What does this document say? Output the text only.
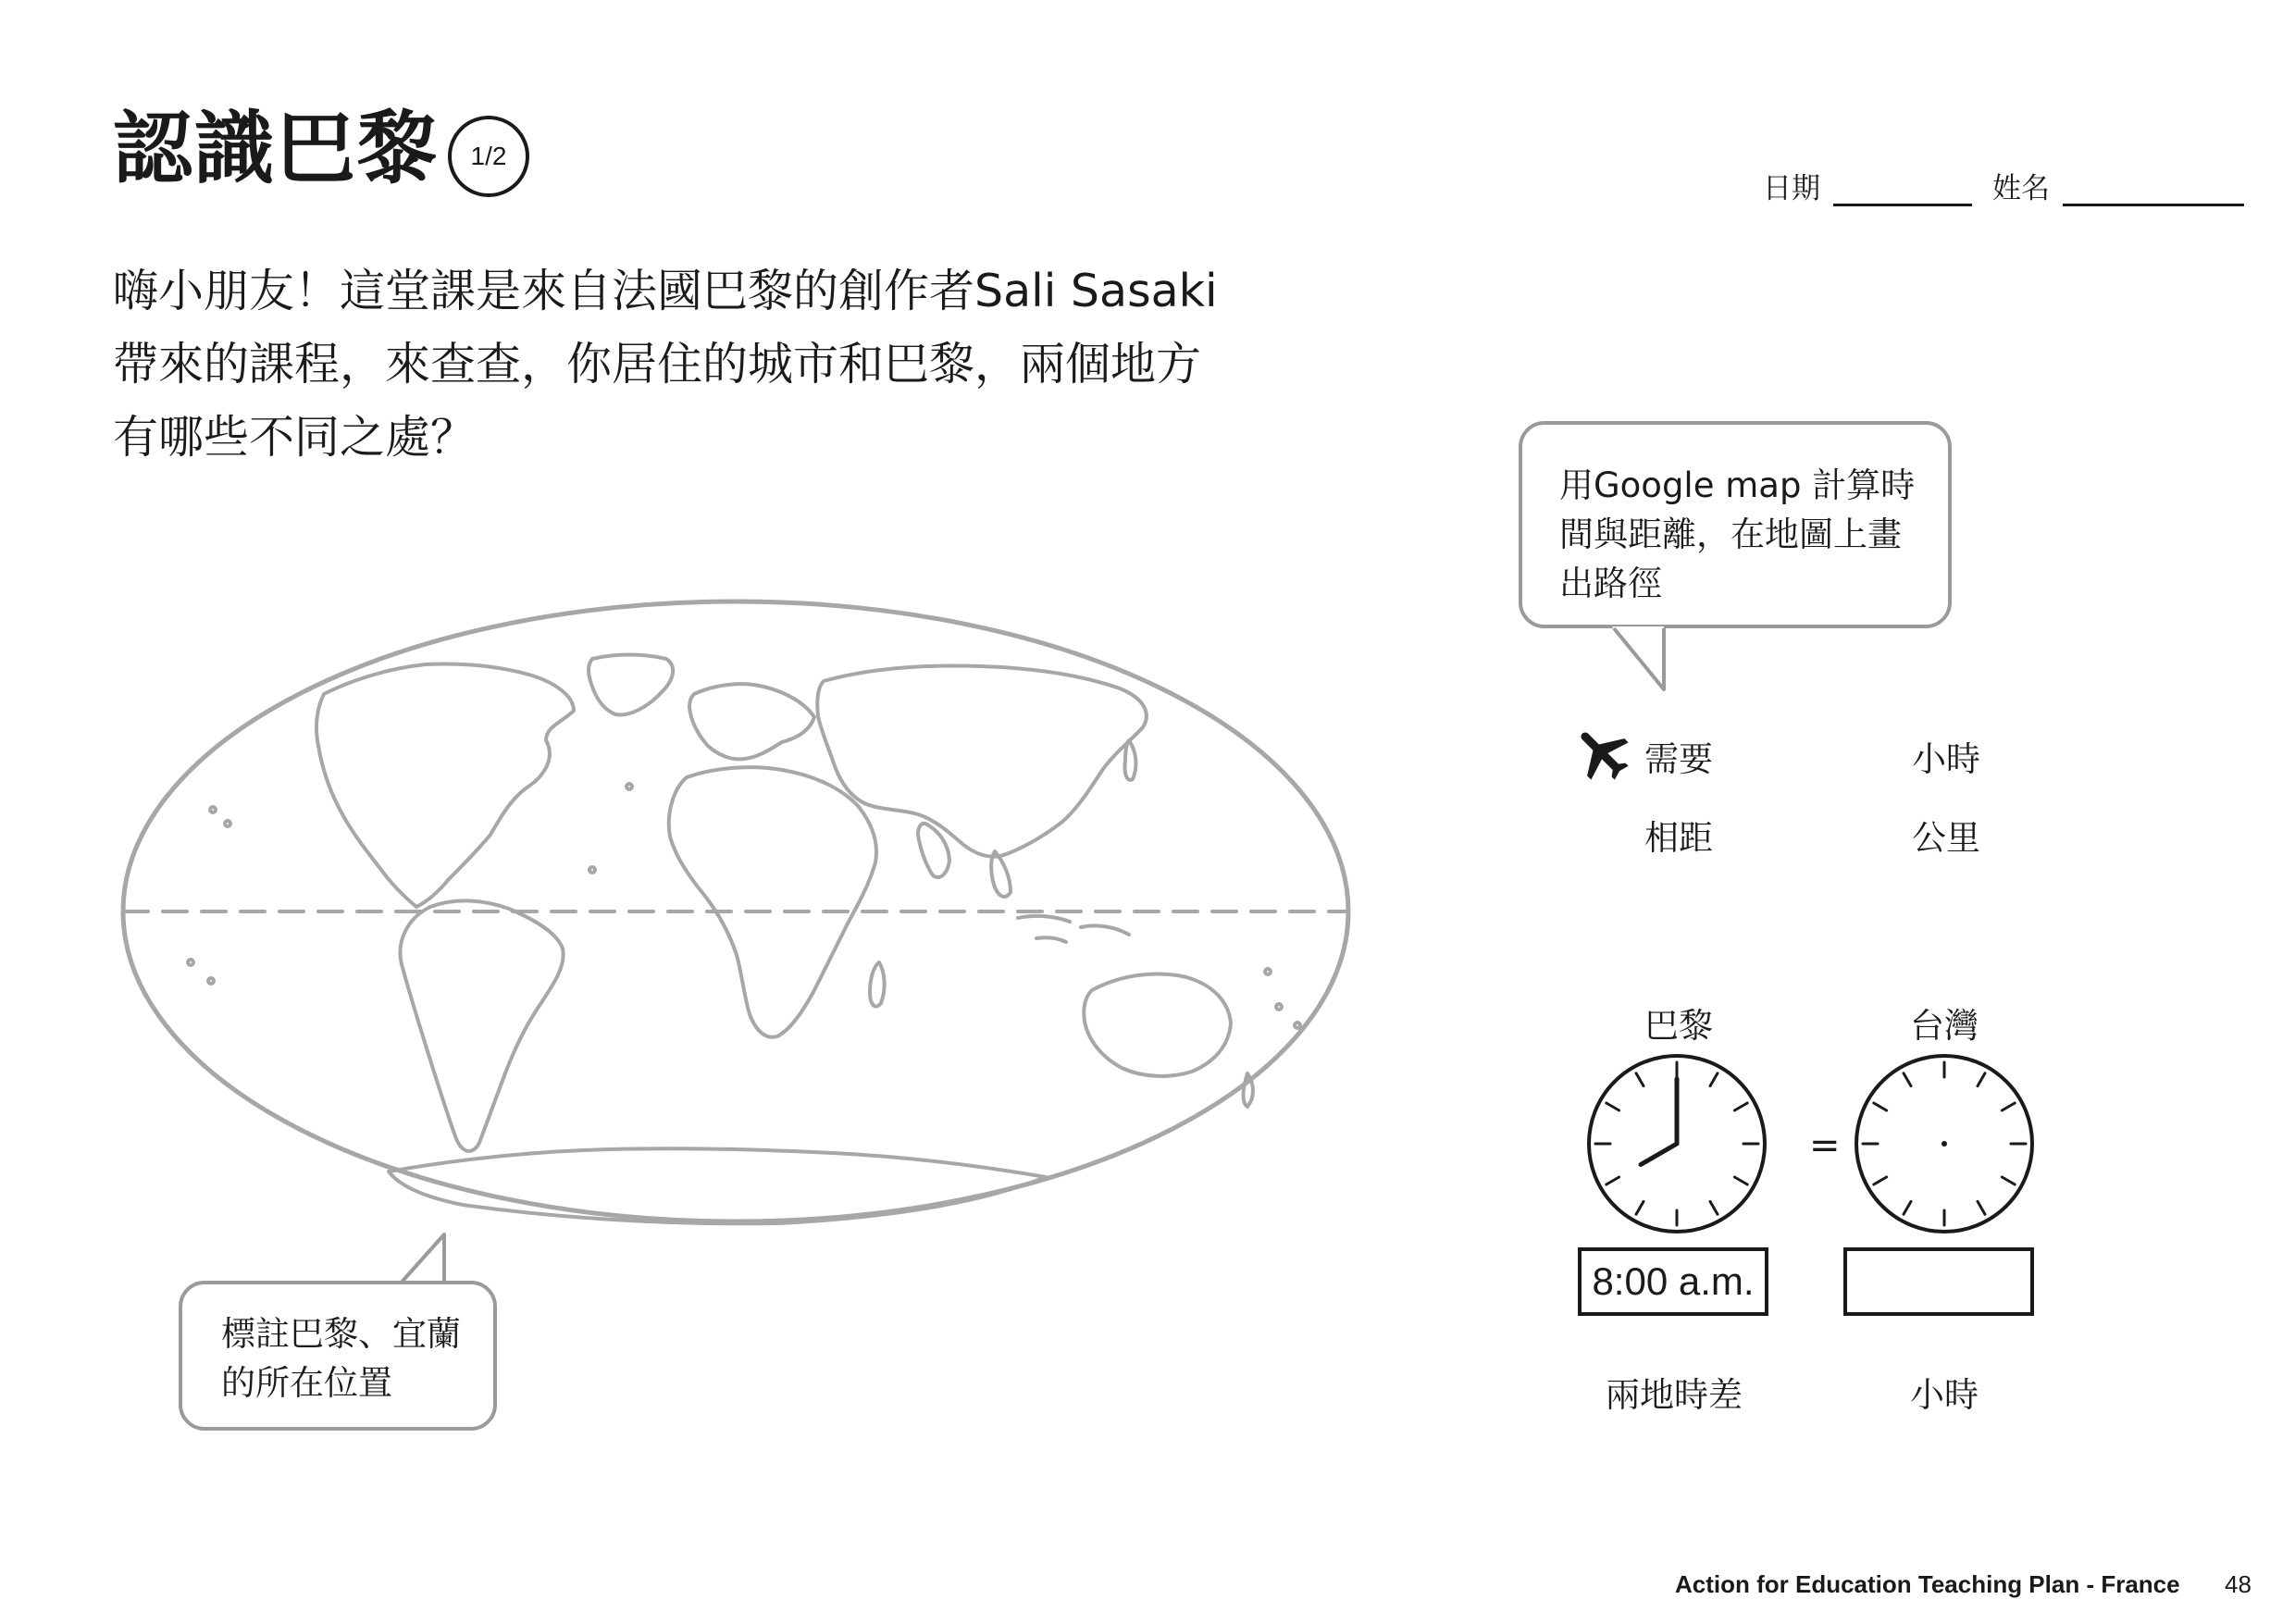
認識巴黎	1/2
日期	姓名
嗨小朋友！這堂課是來自法國巴黎的創作者Sali Sasaki
帶來的課程，來查查，你居住的城市和巴黎，兩個地方
有哪些不同之處？
用Google map 計算時
間與距離，在地圖上畫
出路徑
標註巴黎、宜蘭
的所在位置
需要	小時
相距	公里
巴黎	台灣
=
8:00 a.m.
兩地時差	小時
Action for Education Teaching Plan - France 48
